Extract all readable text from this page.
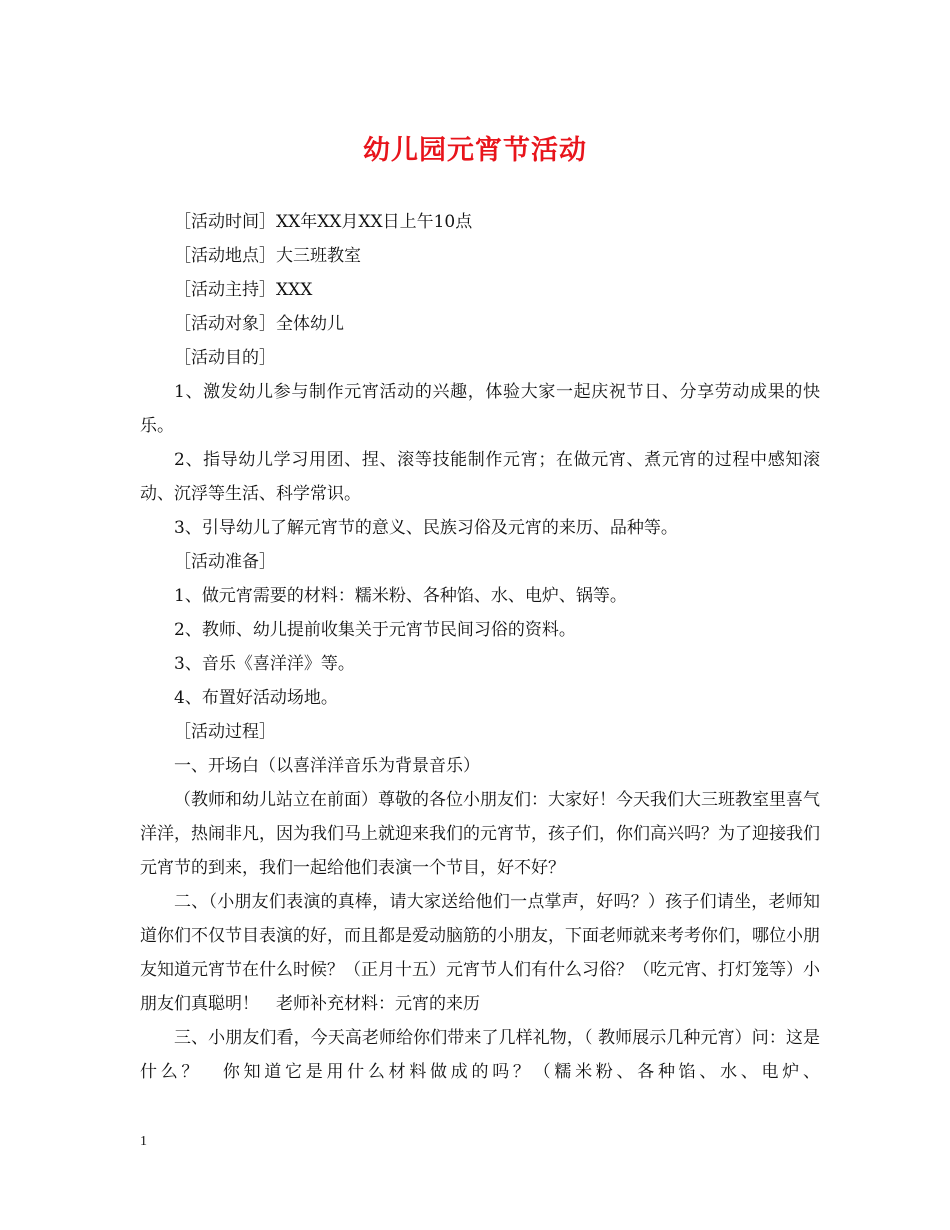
幼儿园元宵节活动

［活动时间］XX年XX月XX日上午10点

［活动地点］大三班教室

［活动主持］XXX

［活动对象］全体幼儿

［活动目的］

1、激发幼儿参与制作元宵活动的兴趣，体验大家一起庆祝节日、分享劳动成果的快乐。

2、指导幼儿学习用团、捏、滚等技能制作元宵；在做元宵、煮元宵的过程中感知滚动、沉浮等生活、科学常识。

3、引导幼儿了解元宵节的意义、民族习俗及元宵的来历、品种等。

［活动准备］

1、做元宵需要的材料：糯米粉、各种馅、水、电炉、锅等。

2、教师、幼儿提前收集关于元宵节民间习俗的资料。

3、音乐《喜洋洋》等。

4、布置好活动场地。

［活动过程］

一、开场白（以喜洋洋音乐为背景音乐）

（教师和幼儿站立在前面）尊敬的各位小朋友们：大家好！今天我们大三班教室里喜气洋洋，热闹非凡，因为我们马上就迎来我们的元宵节，孩子们，你们高兴吗？为了迎接我们元宵节的到来，我们一起给他们表演一个节目，好不好？

二、（小朋友们表演的真棒，请大家送给他们一点掌声，好吗？）孩子们请坐，老师知道你们不仅节目表演的好，而且都是爱动脑筋的小朋友，下面老师就来考考你们，哪位小朋友知道元宵节在什么时候？（正月十五）元宵节人们有什么习俗？（吃元宵、打灯笼等）小朋友们真聪明！　老师补充材料：元宵的来历

三、小朋友们看，今天高老师给你们带来了几样礼物，（ 教师展示几种元宵）问：这是什么？　你知道它是用什么材料做成的吗？（糯米粉、各种馅、水、电炉、

1
